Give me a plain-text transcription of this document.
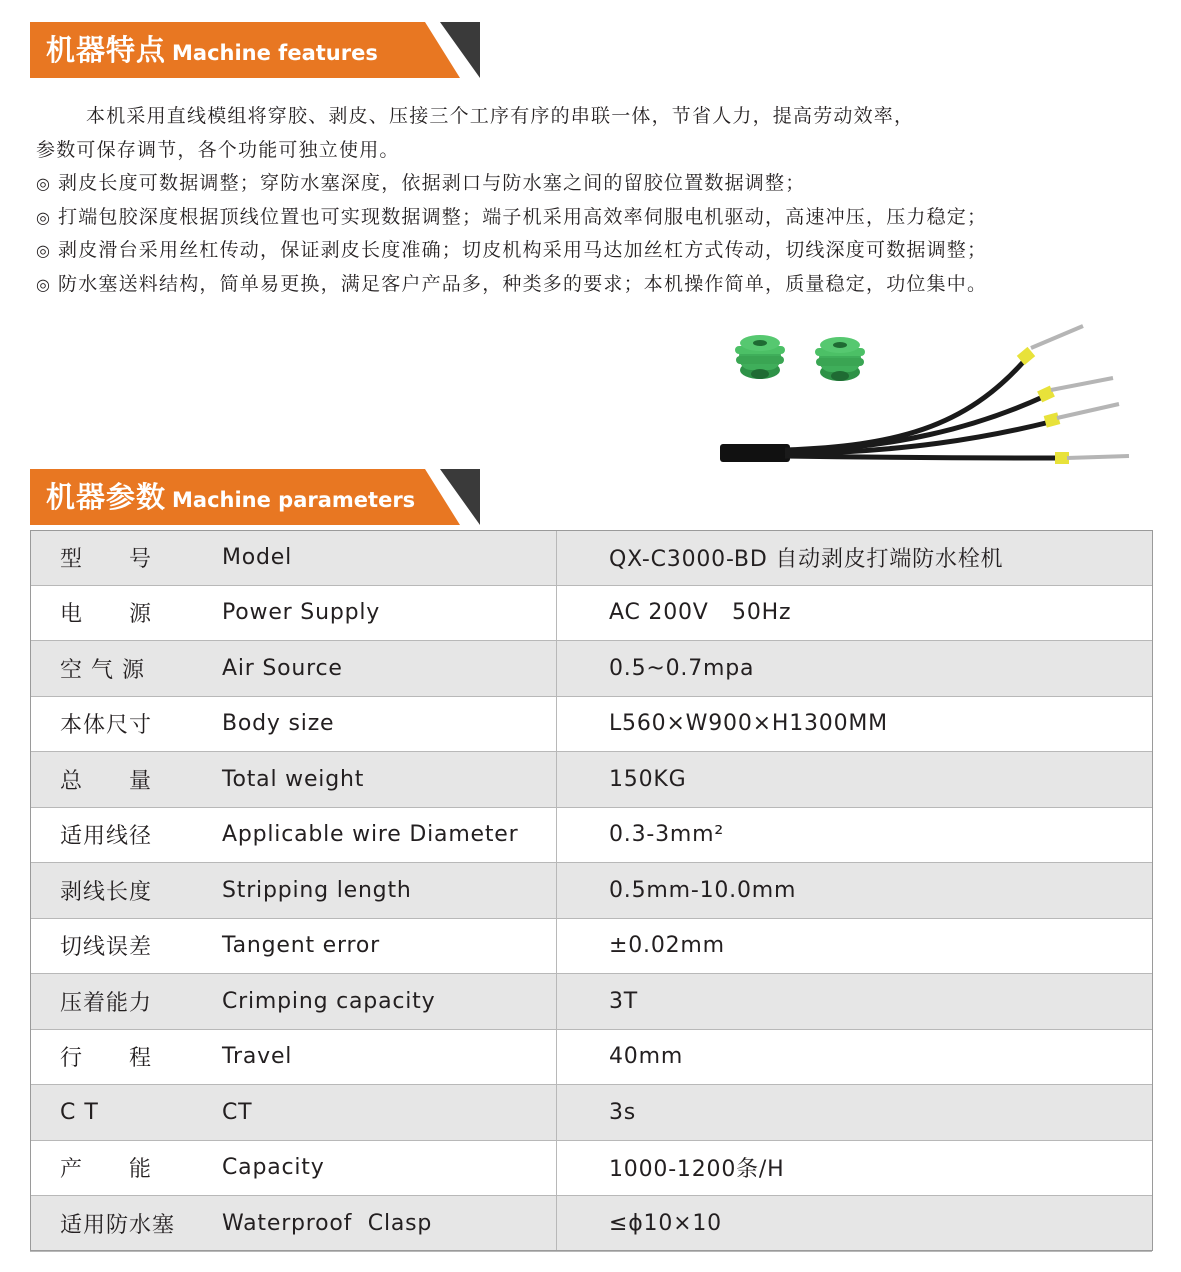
机器特点 Machine features

本机采用直线模组将穿胶、剥皮、压接三个工序有序的串联一体，节省人力，提高劳动效率，

参数可保存调节，各个功能可独立使用。

◎ 剥皮长度可数据调整；穿防水塞深度，依据剥口与防水塞之间的留胶位置数据调整；

◎ 打端包胶深度根据顶线位置也可实现数据调整；端子机采用高效率伺服电机驱动，高速冲压，压力稳定；

◎ 剥皮滑台采用丝杠传动，保证剥皮长度准确；切皮机构采用马达加丝杠方式传动，切线深度可数据调整；

◎ 防水塞送料结构，简单易更换，满足客户产品多，种类多的要求；本机操作简单，质量稳定，功位集中。

机器参数 Machine parameters
型　　号	Model	QX-C3000-BD 自动剥皮打端防水栓机
电　　源	Power Supply	AC 200V   50Hz
空 气 源	Air Source	0.5~0.7mpa
本体尺寸	Body size	L560×W900×H1300MM
总　　量	Total weight	150KG
适用线径	Applicable wire Diameter	0.3-3mm²
剥线长度	Stripping length	0.5mm-10.0mm
切线误差	Tangent error	±0.02mm
压着能力	Crimping capacity	3T
行　　程	Travel	40mm
C T	CT	3s
产　　能	Capacity	1000-1200条/H
适用防水塞	Waterproof  Clasp	≤ϕ10×10
